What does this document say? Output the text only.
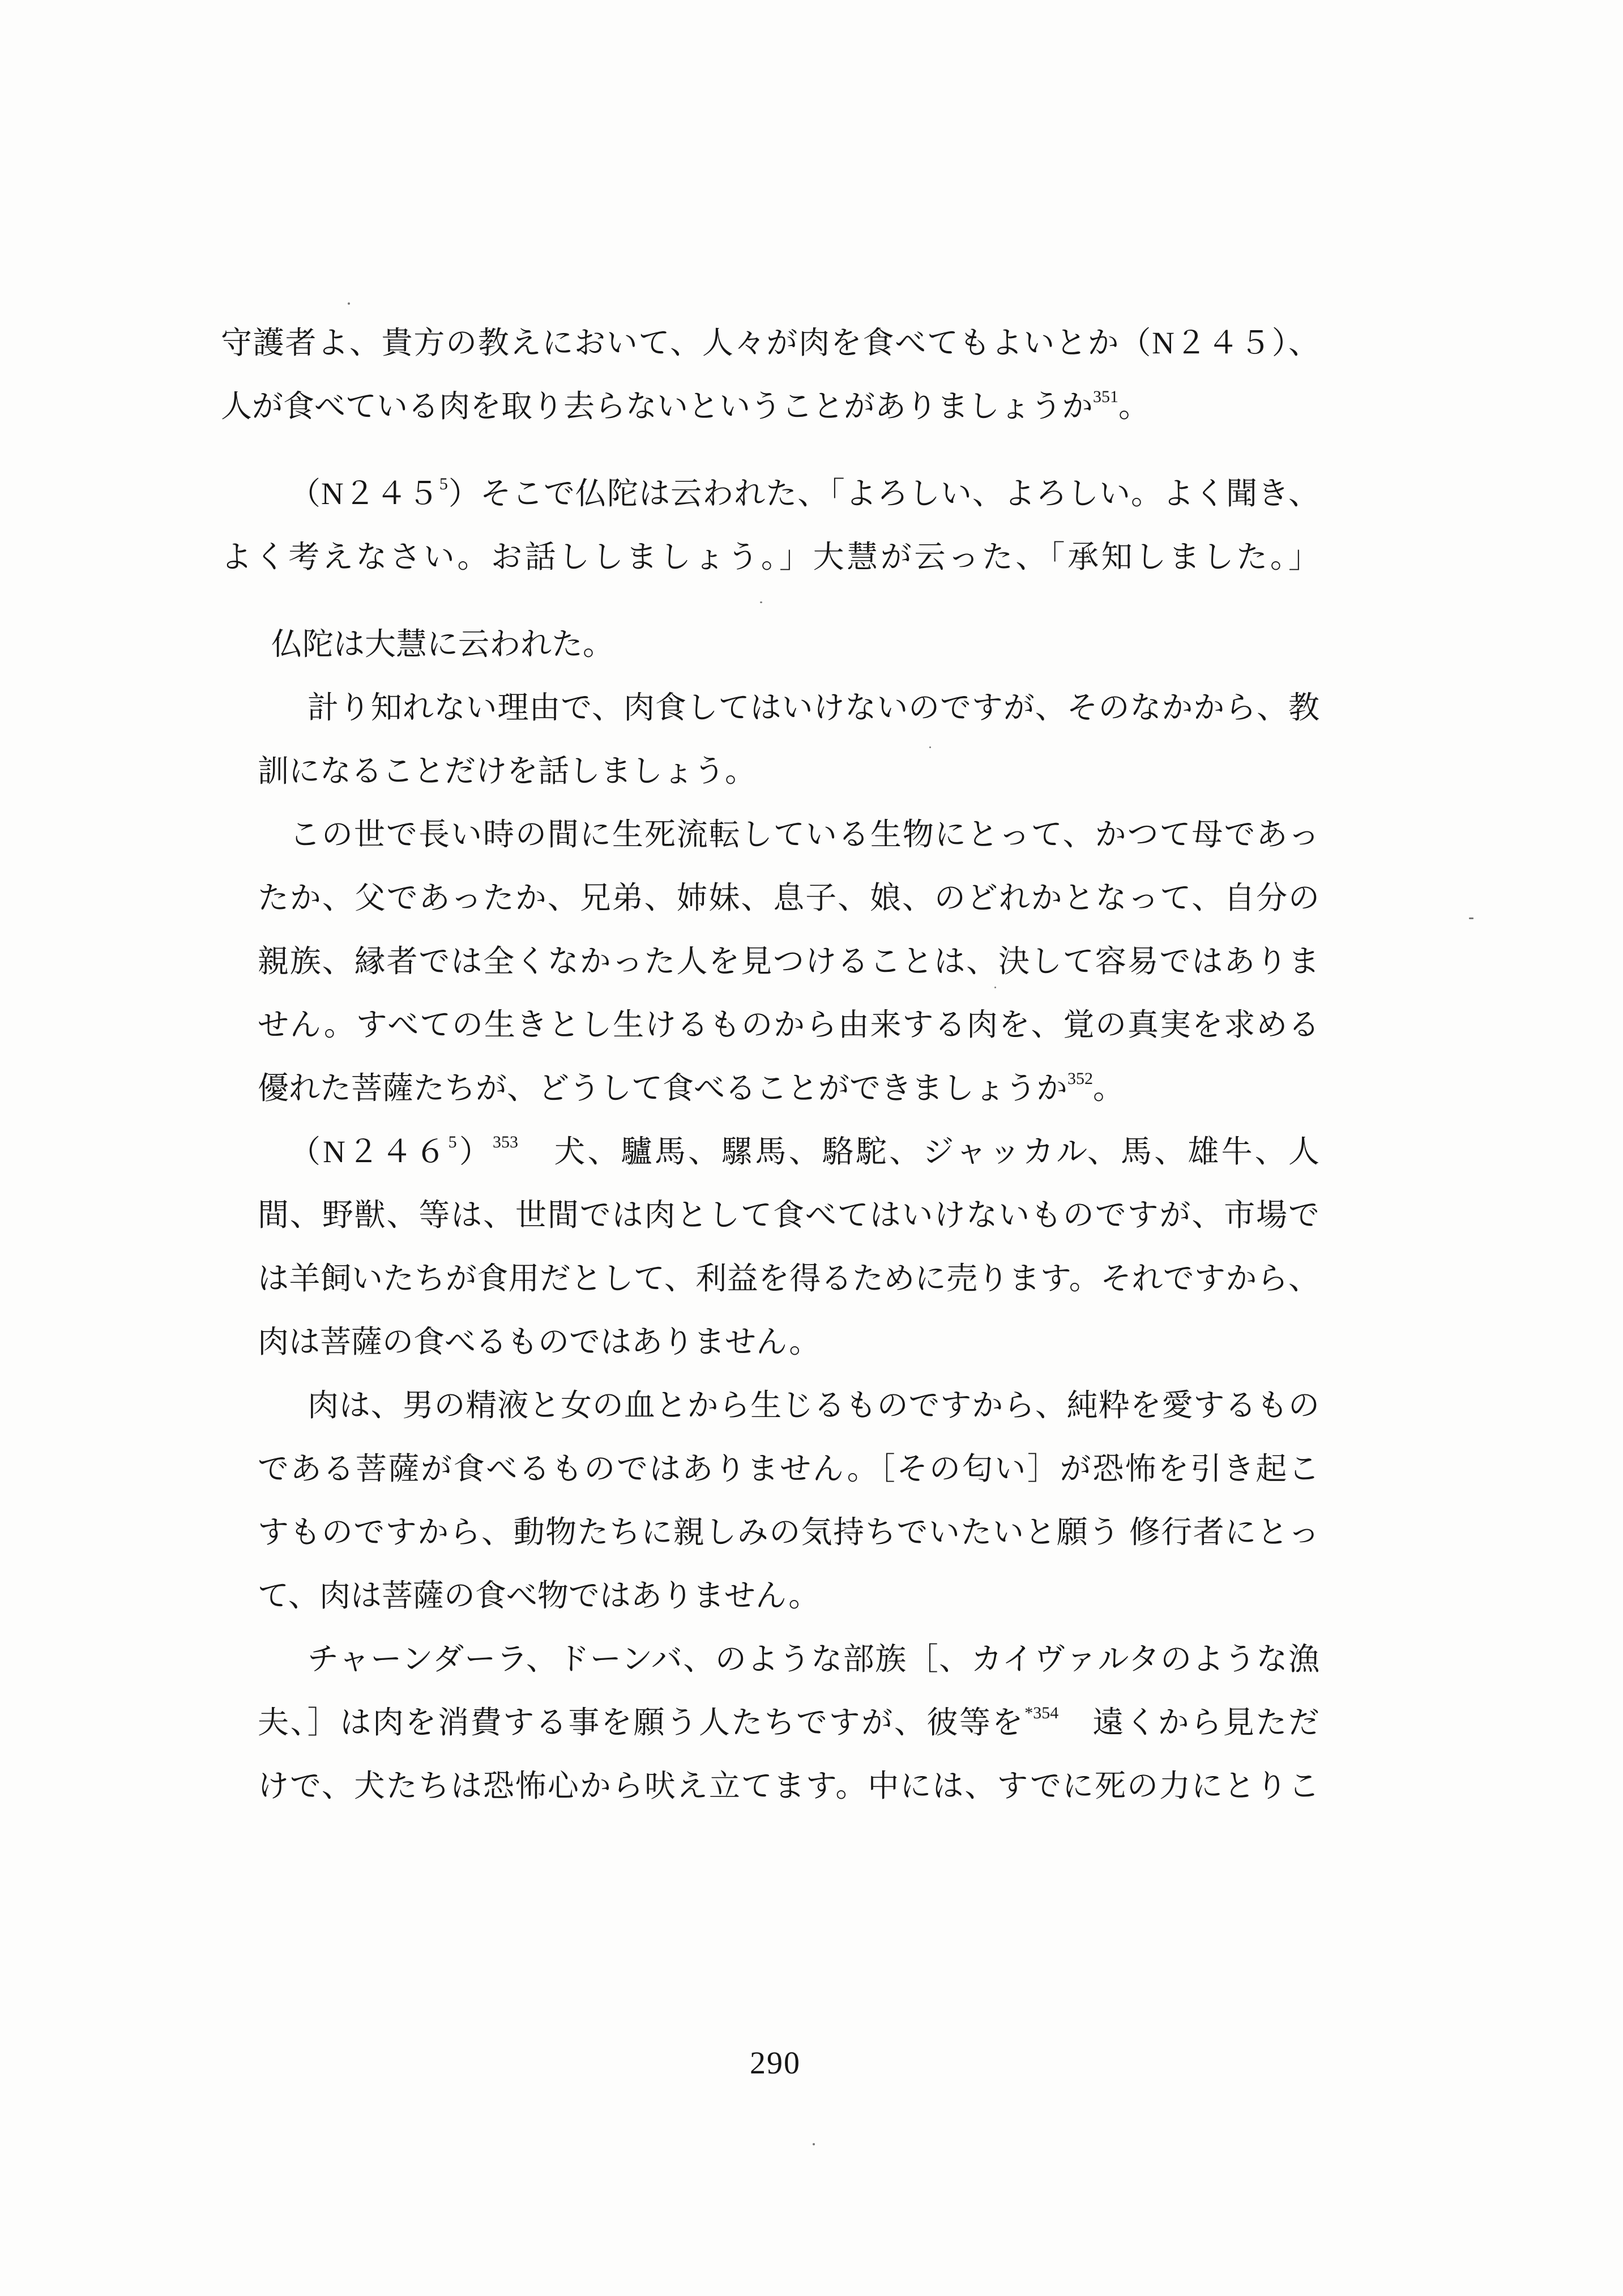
守護者よ、貴方の教えにおいて、人々が肉を食べてもよいとか（N２４５）、

人が食べている肉を取り去らないということがありましょうか$^{351}$。

$(N245^5)$そこで仏陀は云われた、「よろしい、よろしい。よく聞き、

よく考えなさい。お話ししましょう。」大慧が云った、「承知しました。」

仏陀は大慧に云われた。

計り知れない理由で、肉食してはいけないのですが、そのなかから、教

訓になることだけを話しましょう。

この世で長い時の間に生死流転している生物にとって、かつて母であっ

たか、父であったか、兄弟、姉妹、息子、娘、のどれかとなって、自分の

親族、縁者では全くなかった人を見つけることは、決して容易ではありま

せん。すべての生きとし生けるものから由来する肉を、覚の真実を求める

優れた菩薩たちが、どうして食べることができましょうか$^{352}$。

$(N246^5)^{353}$　犬、驢馬、騾馬、駱駝、ジャッカル、馬、雄牛、人

間、野獣、等は、世間では肉として食べてはいけないものですが、市場で

は羊飼いたちが食用だとして、利益を得るために売ります。それですから、

肉は菩薩の食べるものではありません。

肉は、男の精液と女の血とから生じるものですから、純粋を愛するもの

である菩薩が食べるものではありません。［その匂い］が恐怖を引き起こ

すものですから、動物たちに親しみの気持ちでいたいと願う 修行者にとっ

て、肉は菩薩の食べ物ではありません。

チャーンダーラ、ドーンバ、のような部族［、カイヴァルタのような漁

夫、］は肉を消費する事を願う人たちですが、彼等を$^{*354}$　遠くから見ただ

けで、犬たちは恐怖心から吠え立てます。中には、すでに死の力にとりこ

290
